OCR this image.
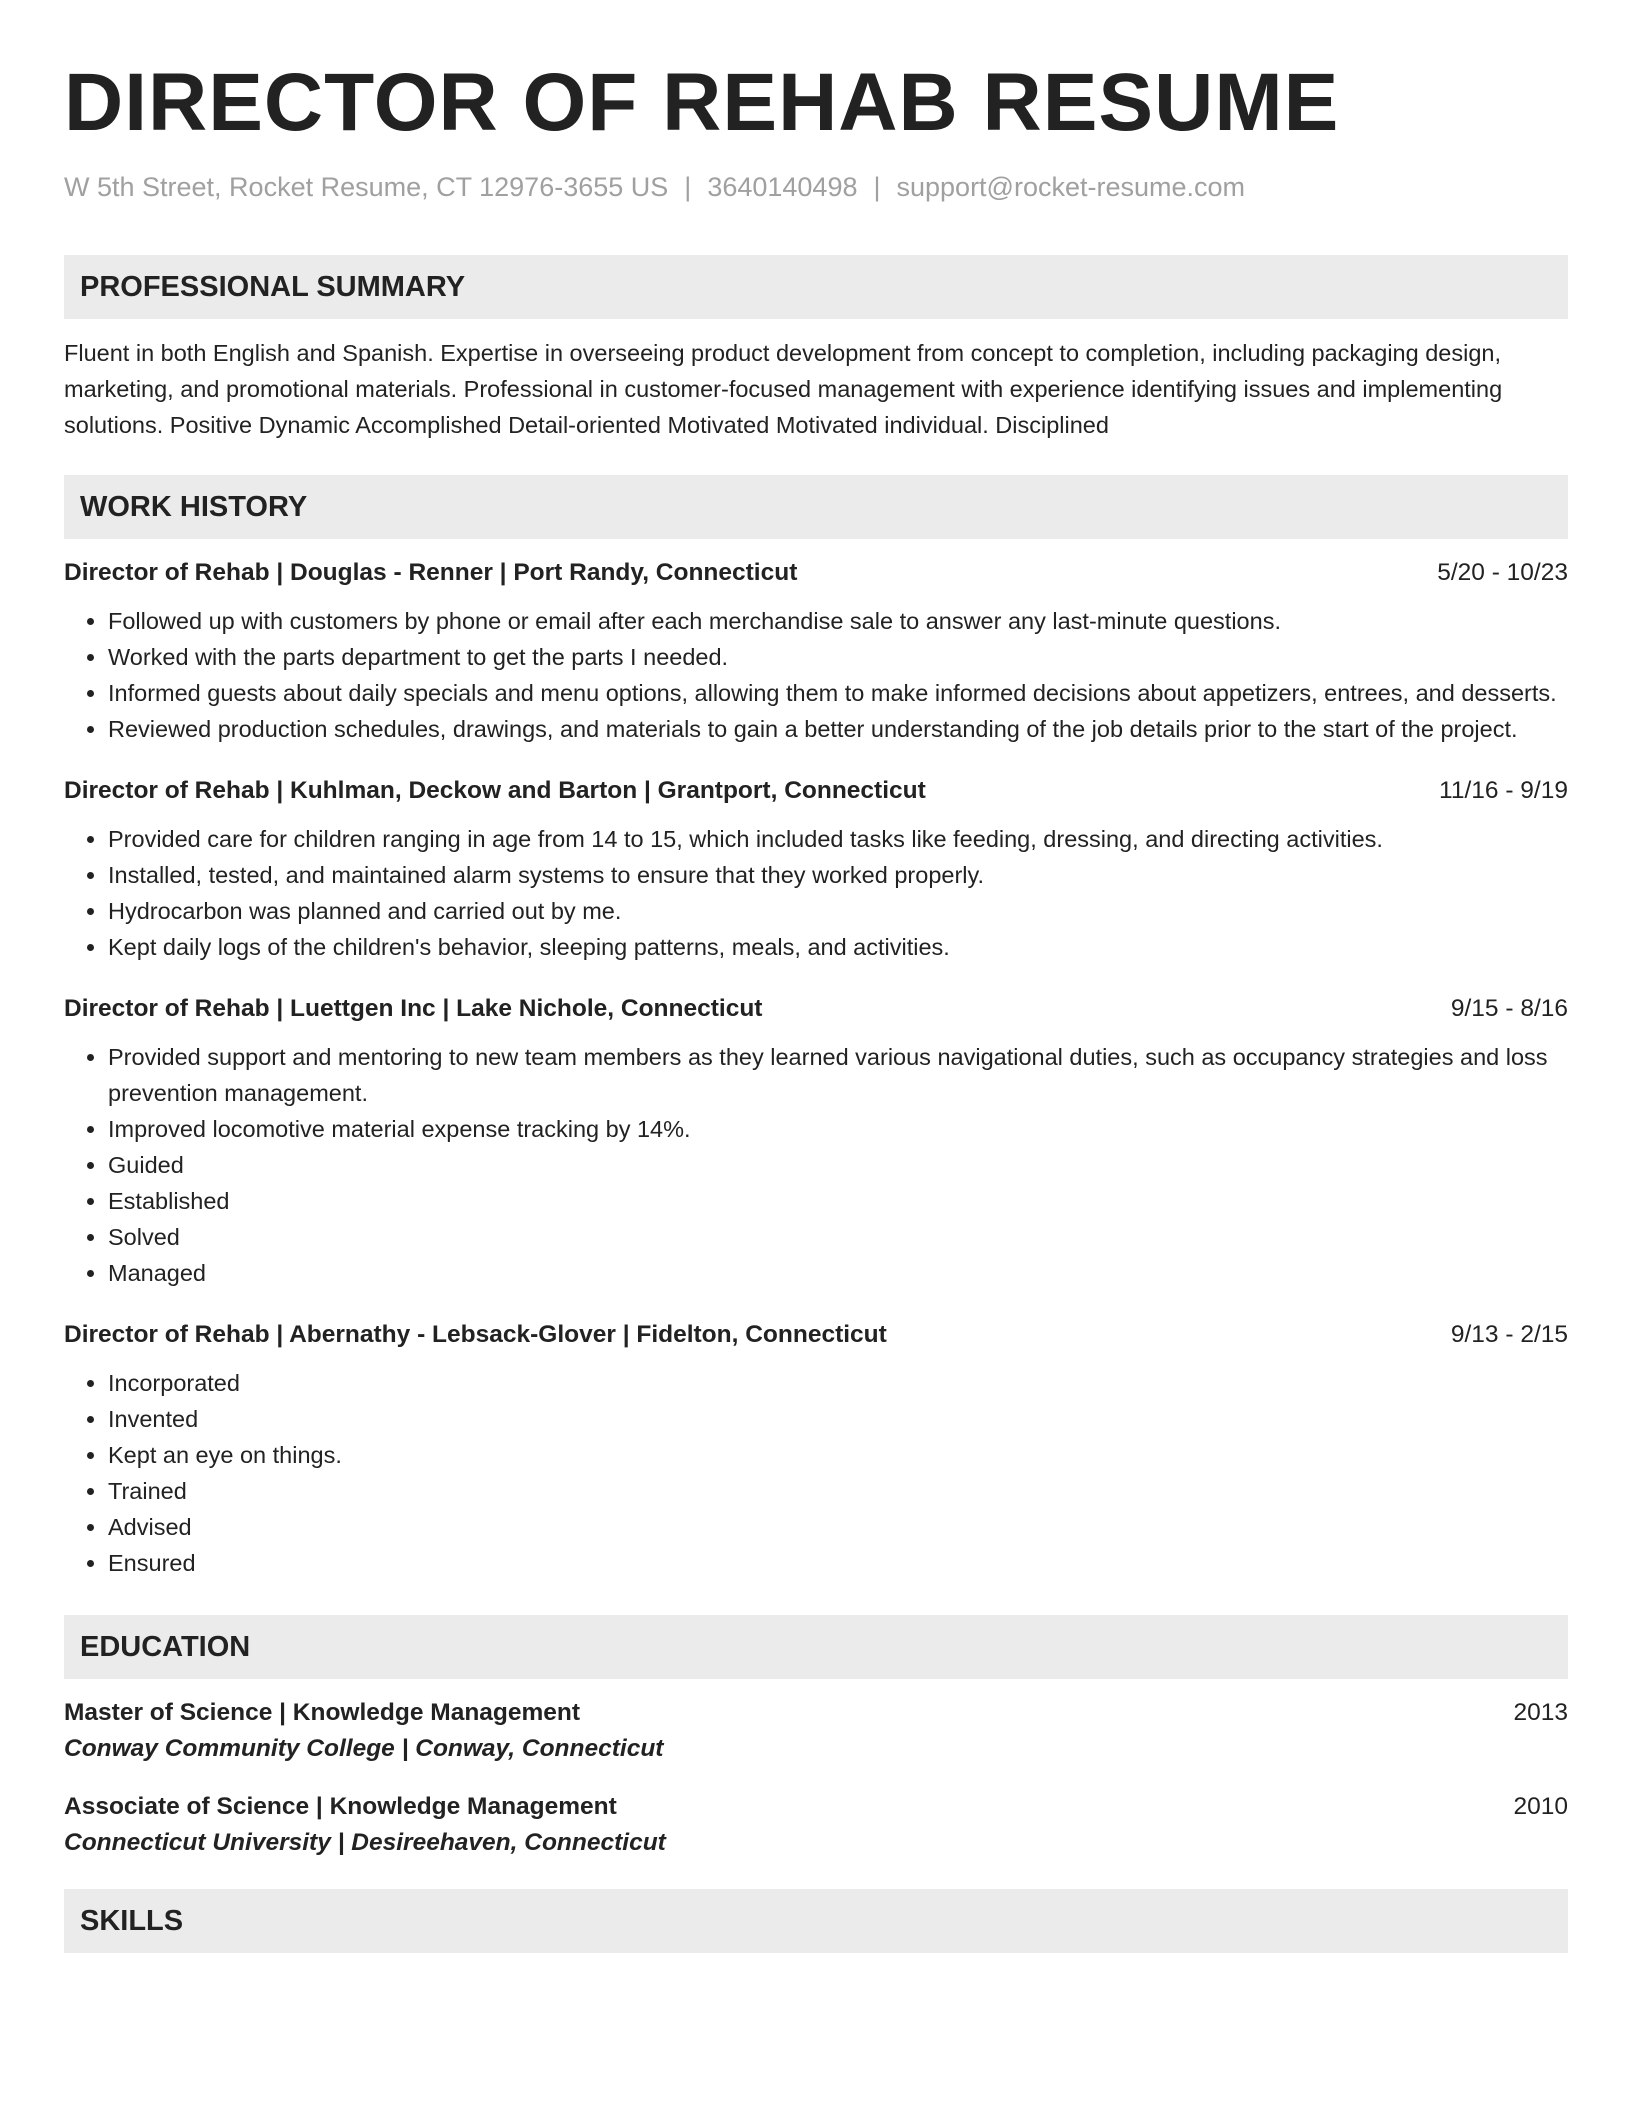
DIRECTOR OF REHAB RESUME
W 5th Street, Rocket Resume, CT 12976-3655 US | 3640140498 | support@rocket-resume.com
PROFESSIONAL SUMMARY
Fluent in both English and Spanish. Expertise in overseeing product development from concept to completion, including packaging design, marketing, and promotional materials. Professional in customer-focused management with experience identifying issues and implementing solutions. Positive Dynamic Accomplished Detail-oriented Motivated Motivated individual. Disciplined
WORK HISTORY
Director of Rehab | Douglas - Renner | Port Randy, Connecticut	5/20 - 10/23
• Followed up with customers by phone or email after each merchandise sale to answer any last-minute questions.
• Worked with the parts department to get the parts I needed.
• Informed guests about daily specials and menu options, allowing them to make informed decisions about appetizers, entrees, and desserts.
• Reviewed production schedules, drawings, and materials to gain a better understanding of the job details prior to the start of the project.
Director of Rehab | Kuhlman, Deckow and Barton | Grantport, Connecticut	11/16 - 9/19
• Provided care for children ranging in age from 14 to 15, which included tasks like feeding, dressing, and directing activities.
• Installed, tested, and maintained alarm systems to ensure that they worked properly.
• Hydrocarbon was planned and carried out by me.
• Kept daily logs of the children's behavior, sleeping patterns, meals, and activities.
Director of Rehab | Luettgen Inc | Lake Nichole, Connecticut	9/15 - 8/16
• Provided support and mentoring to new team members as they learned various navigational duties, such as occupancy strategies and loss prevention management.
• Improved locomotive material expense tracking by 14%.
• Guided
• Established
• Solved
• Managed
Director of Rehab | Abernathy - Lebsack-Glover | Fidelton, Connecticut	9/13 - 2/15
• Incorporated
• Invented
• Kept an eye on things.
• Trained
• Advised
• Ensured
EDUCATION
Master of Science | Knowledge Management	2013
Conway Community College | Conway, Connecticut
Associate of Science | Knowledge Management	2010
Connecticut University | Desireehaven, Connecticut
SKILLS
